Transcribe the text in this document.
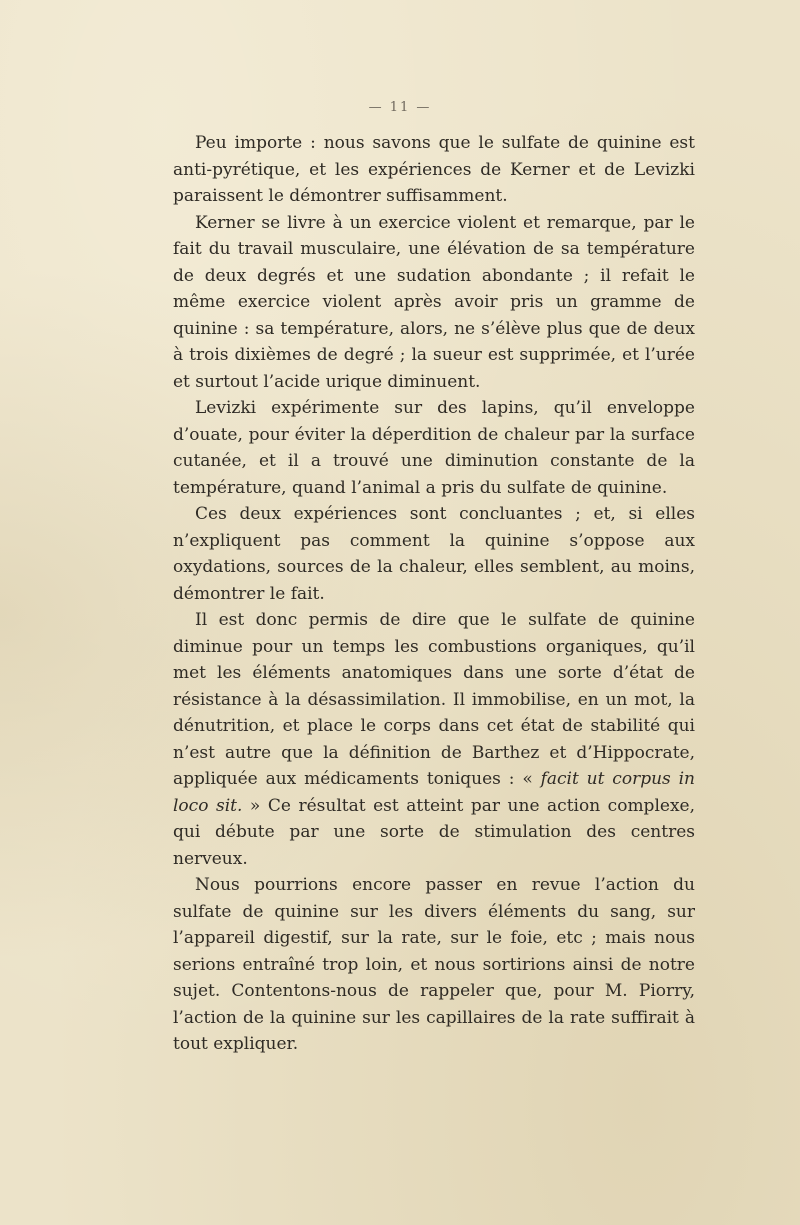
— 11 —

Peu importe : nous savons que le sulfate de quinine est anti-pyrétique, et les expériences de Kerner et de Levizki paraissent le démontrer suffisamment.

Kerner se livre à un exercice violent et remarque, par le fait du travail musculaire, une élévation de sa température de deux degrés et une sudation abondante ; il refait le même exercice violent après avoir pris un gramme de quinine : sa température, alors, ne s’élève plus que de deux à trois dixièmes de degré ; la sueur est supprimée, et l’urée et surtout l’acide urique diminuent.

Levizki expérimente sur des lapins, qu’il enveloppe d’ouate, pour éviter la déperdition de chaleur par la surface cutanée, et il a trouvé une diminution constante de la température, quand l’animal a pris du sulfate de quinine.

Ces deux expériences sont concluantes ; et, si elles n’expliquent pas comment la quinine s’oppose aux oxydations, sources de la chaleur, elles semblent, au moins, démontrer le fait.

Il est donc permis de dire que le sulfate de quinine diminue pour un temps les combustions organiques, qu’il met les éléments anatomiques dans une sorte d’état de résistance à la désassimilation. Il immobilise, en un mot, la dénutrition, et place le corps dans cet état de stabilité qui n’est autre que la définition de Barthez et d’Hippocrate, appliquée aux médicaments toniques : « facit ut corpus in loco sit. » Ce résultat est atteint par une action complexe, qui débute par une sorte de stimulation des centres nerveux.

Nous pourrions encore passer en revue l’action du sulfate de quinine sur les divers éléments du sang, sur l’appareil digestif, sur la rate, sur le foie, etc ; mais nous serions entraîné trop loin, et nous sortirions ainsi de notre sujet. Contentons-nous de rappeler que, pour M. Piorry, l’action de la quinine sur les capillaires de la rate suffirait à tout expliquer.
